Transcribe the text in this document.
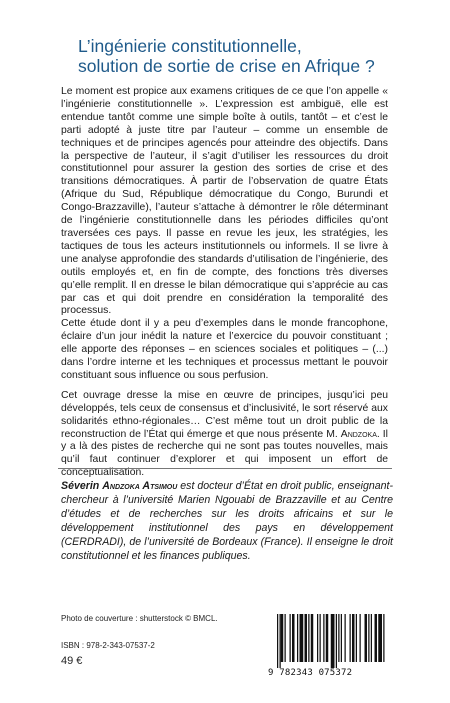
L’ingénierie constitutionnelle,
solution de sortie de crise en Afrique ?

Le moment est propice aux examens critiques de ce que l’on appelle « l’ingénierie constitutionnelle ». L’expression est ambiguë, elle est entendue tantôt comme une simple boîte à outils, tantôt – et c’est le parti adopté à juste titre par l’auteur – comme un ensemble de techniques et de principes agencés pour atteindre des objectifs. Dans la perspective de l’auteur, il s’agit d’utiliser les ressources du droit constitutionnel pour assurer la gestion des sorties de crise et des transitions démocratiques. À partir de l’observation de quatre États (Afrique du Sud, République démocratique du Congo, Burundi et Congo-Brazzaville), l’auteur s’attache à démontrer le rôle déterminant de l’ingénierie constitutionnelle dans les périodes difficiles qu’ont traversées ces pays. Il passe en revue les jeux, les stratégies, les tactiques de tous les acteurs institutionnels ou informels. Il se livre à une analyse approfondie des standards d’utilisation de l’ingénierie, des outils employés et, en fin de compte, des fonctions très diverses qu’elle remplit. Il en dresse le bilan démocratique qui s’apprécie au cas par cas et qui doit prendre en considération la temporalité des processus.

Cette étude dont il y a peu d’exemples dans le monde francophone, éclaire d’un jour inédit la nature et l’exercice du pouvoir constituant ; elle apporte des réponses – en sciences sociales et politiques – (...) dans l’ordre interne et les techniques et processus mettant le pouvoir constituant sous influence ou sous perfusion.

Cet ouvrage dresse la mise en œuvre de principes, jusqu’ici peu développés, tels ceux de consensus et d’inclusivité, le sort réservé aux solidarités ethno-régionales… C’est même tout un droit public de la reconstruction de l’État qui émerge et que nous présente M. Andzoka. Il y a là des pistes de recherche qui ne sont pas toutes nouvelles, mais qu’il faut continuer d’explorer et qui imposent un effort de conceptualisation.

Séverin Andzoka Atsimou est docteur d’État en droit public, enseignant-chercheur à l’université Marien Ngouabi de Brazzaville et au Centre d’études et de recherches sur les droits africains et sur le développement institutionnel des pays en développement (CERDRADI), de l’université de Bordeaux (France). Il enseigne le droit constitutionnel et les finances publiques.
Photo de couverture : shutterstock © BMCL.
ISBN : 978-2-343-07537-2
49 €
9 782343 075372
